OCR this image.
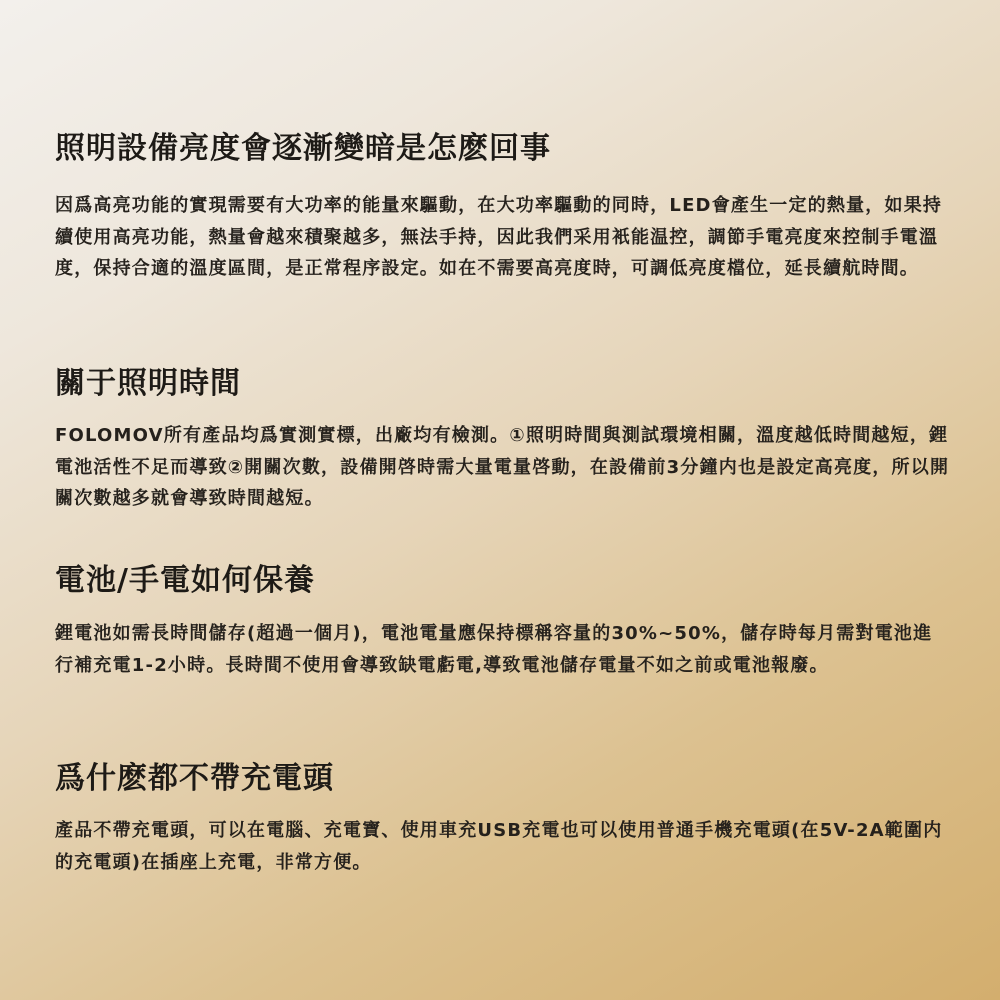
照明設備亮度會逐漸變暗是怎麽回事

因爲高亮功能的實現需要有大功率的能量來驅動，在大功率驅動的同時，LED會產生一定的熱量，如果持續使用高亮功能，熱量會越來積聚越多，無法手持，因此我們采用衹能温控，調節手電亮度來控制手電溫度，保持合適的溫度區間，是正常程序設定。如在不需要高亮度時，可調低亮度檔位，延長續航時間。

關于照明時間

FOLOMOV所有產品均爲實測實標，出廠均有檢測。①照明時間與測試環境相關，溫度越低時間越短，鋰電池活性不足而導致②開關次數，設備開啓時需大量電量啓動，在設備前3分鐘内也是設定高亮度，所以開關次數越多就會導致時間越短。

電池/手電如何保養

鋰電池如需長時間儲存(超過一個月)，電池電量應保持標稱容量的30%~50%，儲存時每月需對電池進行補充電1-2小時。長時間不使用會導致缺電虧電,導致電池儲存電量不如之前或電池報廢。

爲什麽都不帶充電頭

產品不帶充電頭，可以在電腦、充電寶、使用車充USB充電也可以使用普通手機充電頭(在5V-2A範圍内的充電頭)在插座上充電，非常方便。
